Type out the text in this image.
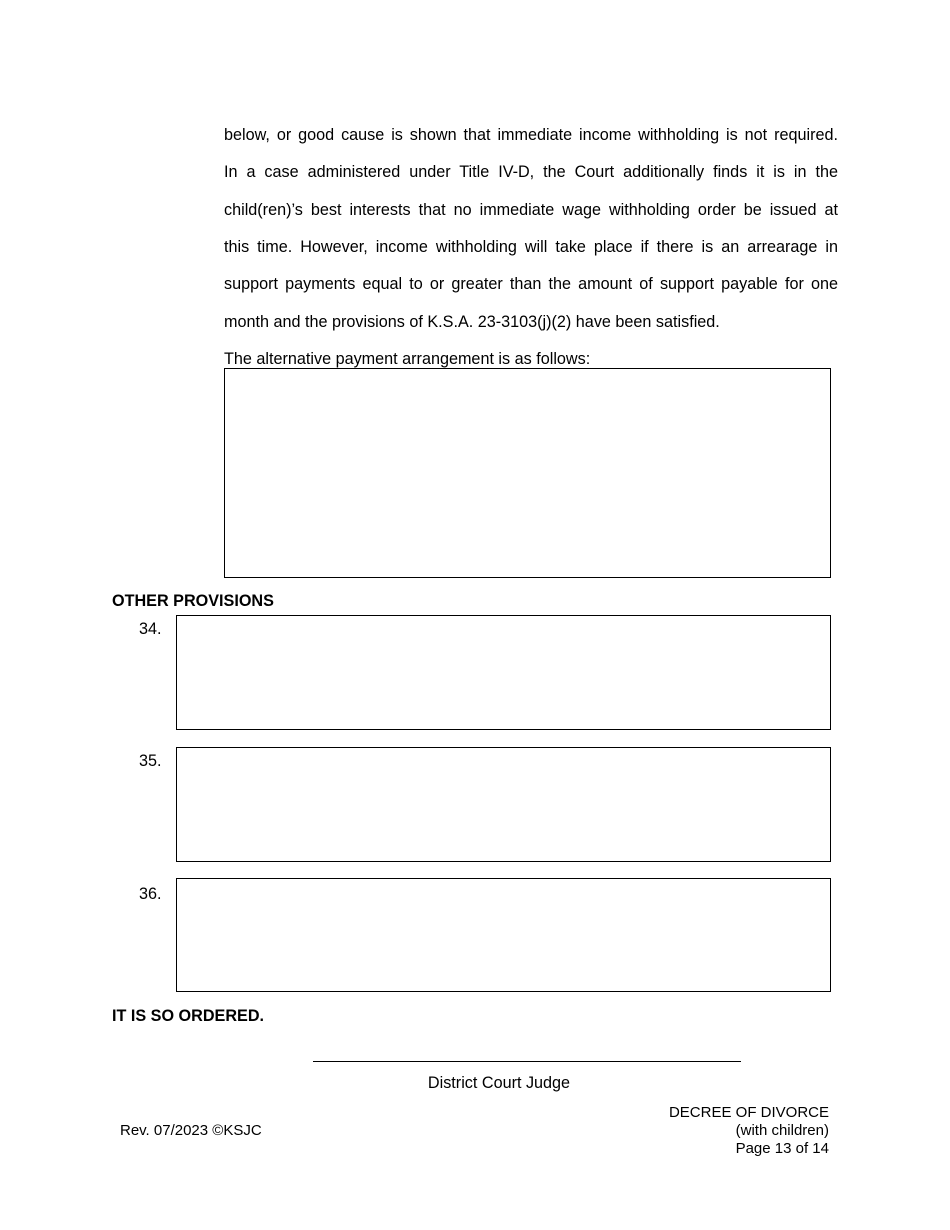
below, or good cause is shown that immediate income withholding is not required.
In a case administered under Title IV-D, the Court additionally finds it is in the
child(ren)’s best interests that no immediate wage withholding order be issued at
this time. However, income withholding will take place if there is an arrearage in
support payments equal to or greater than the amount of support payable for one
month and the provisions of K.S.A. 23-3103(j)(2) have been satisfied.
The alternative payment arrangement is as follows:
OTHER PROVISIONS
34.
35.
36.
IT IS SO ORDERED.
District Court Judge
Rev. 07/2023 ©KSJC
DECREE OF DIVORCE
(with children)
Page 13 of 14
